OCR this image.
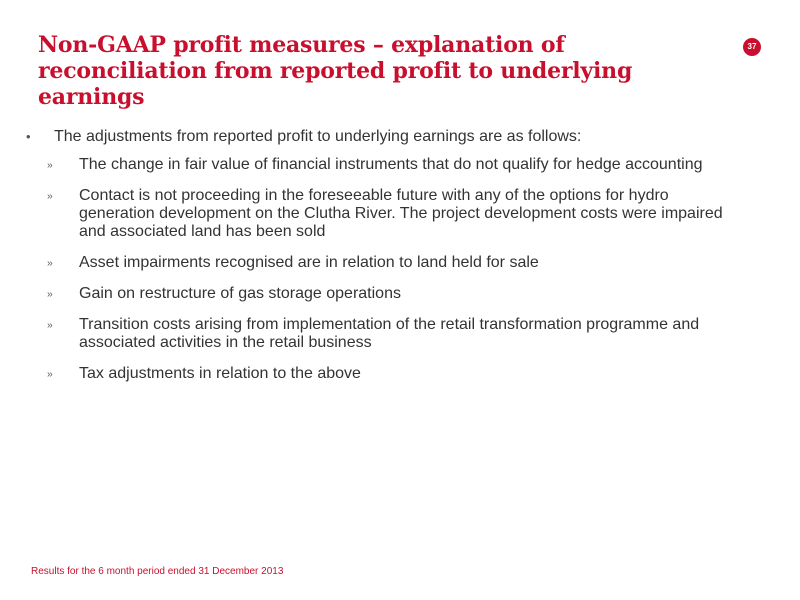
Non-GAAP profit measures – explanation of reconciliation from reported profit to underlying earnings
37
• The adjustments from reported profit to underlying earnings are as follows:
›› The change in fair value of financial instruments that do not qualify for hedge accounting
›› Contact is not proceeding in the foreseeable future with any of the options for hydro generation development on the Clutha River. The project development costs were impaired and associated land has been sold
›› Asset impairments recognised are in relation to land held for sale
›› Gain on restructure of gas storage operations
›› Transition costs arising from implementation of the retail transformation programme and associated activities in the retail business
›› Tax adjustments in relation to the above
Results for the 6 month period ended 31 December 2013
